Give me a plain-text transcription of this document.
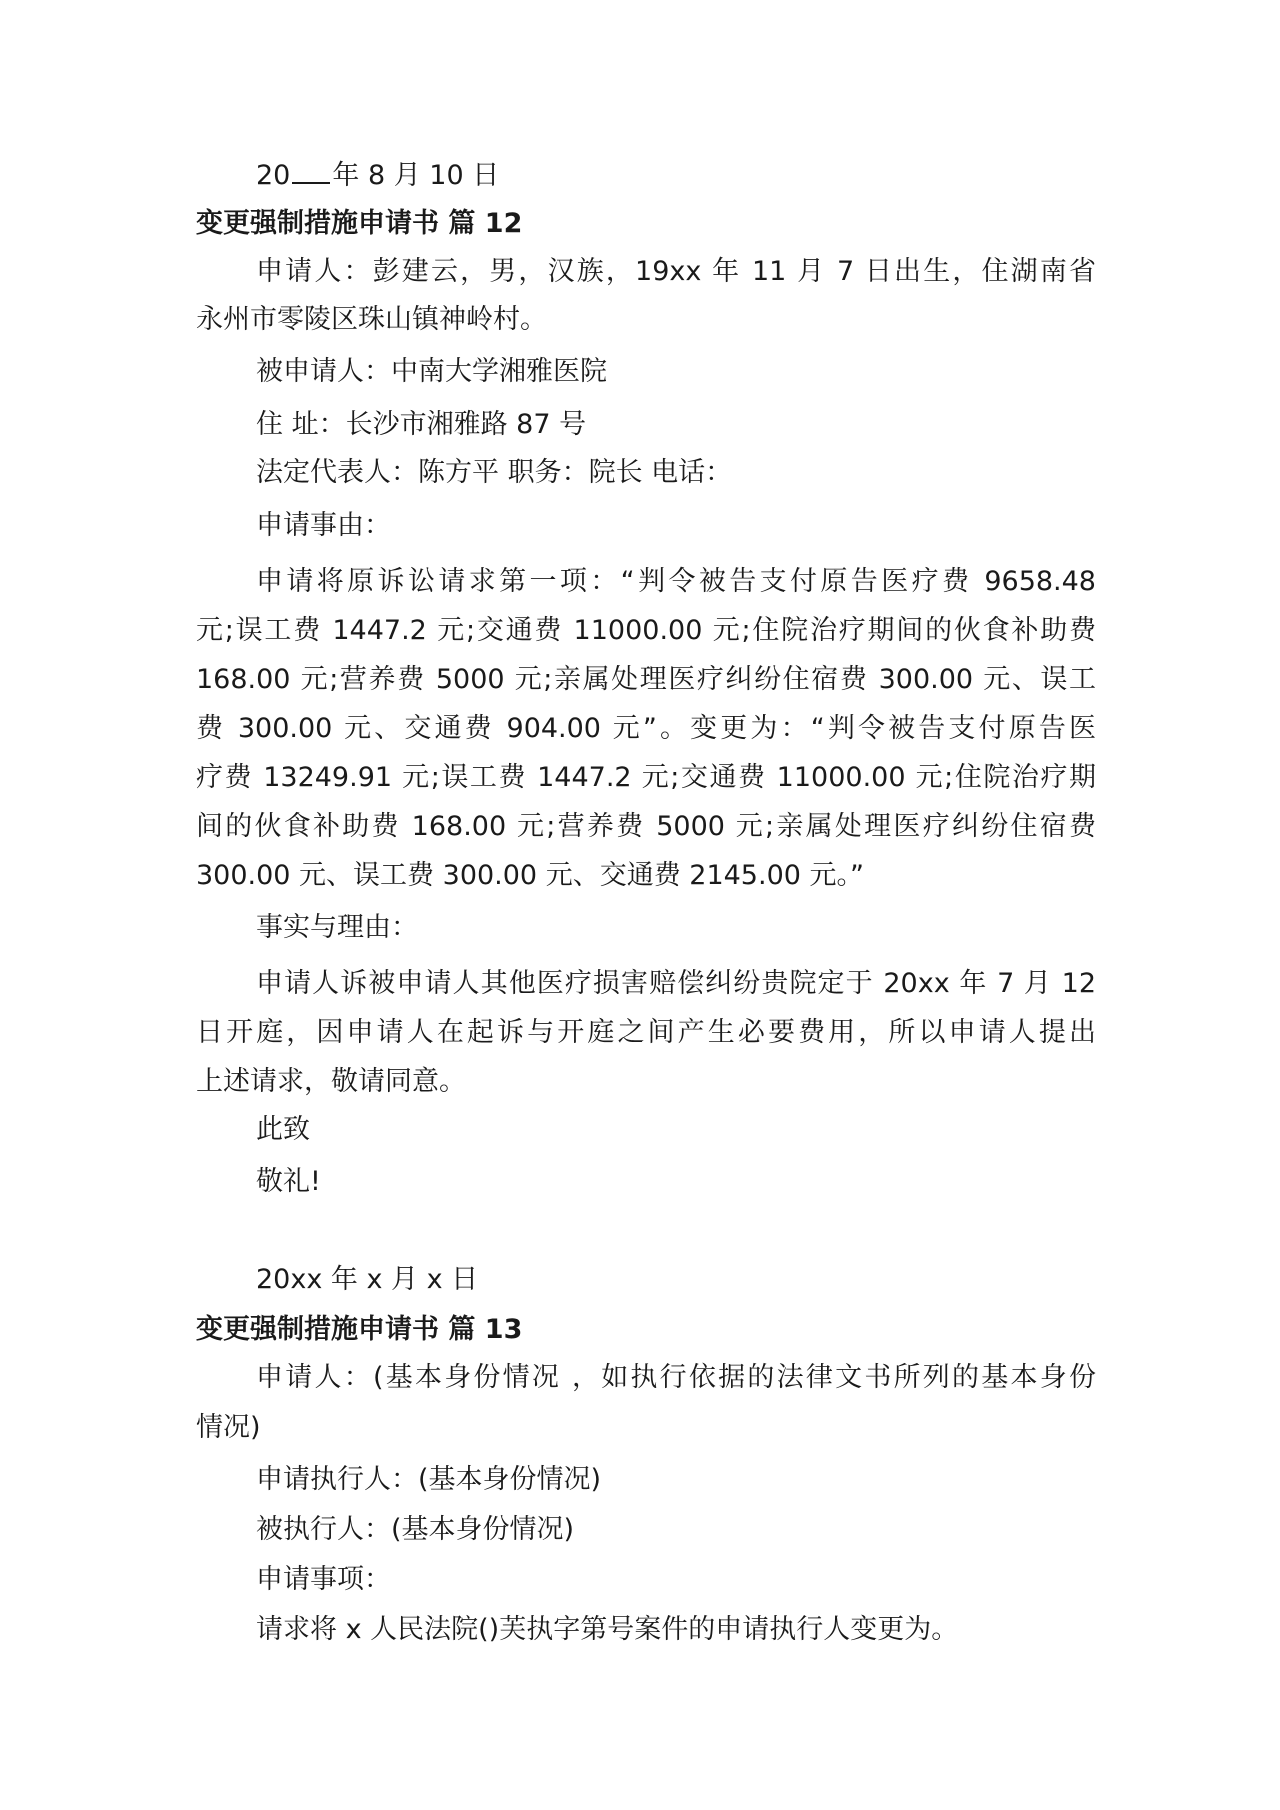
20 年 8 月 10 日
变更强制措施申请书 篇 12
申请人：彭建云，男，汉族，19xx 年 11 月 7 日出生，住湖南省
永州市零陵区珠山镇神岭村。
被申请人：中南大学湘雅医院
住 址：长沙市湘雅路 87 号
法定代表人：陈方平 职务：院长 电话：
申请事由：
申请将原诉讼请求第一项：“判令被告支付原告医疗费 9658.48
元;误工费 1447.2 元;交通费 11000.00 元;住院治疗期间的伙食补助费
168.00 元;营养费 5000 元;亲属处理医疗纠纷住宿费 300.00 元、误工
费 300.00 元、交通费 904.00 元”。变更为：“判令被告支付原告医
疗费 13249.91 元;误工费 1447.2 元;交通费 11000.00 元;住院治疗期
间的伙食补助费 168.00 元;营养费 5000 元;亲属处理医疗纠纷住宿费
300.00 元、误工费 300.00 元、交通费 2145.00 元。”
事实与理由：
申请人诉被申请人其他医疗损害赔偿纠纷贵院定于 20xx 年 7 月 12
日开庭，因申请人在起诉与开庭之间产生必要费用，所以申请人提出
上述请求，敬请同意。
此致
敬礼!
20xx 年 x 月 x 日
变更强制措施申请书 篇 13
申请人：(基本身份情况 ，如执行依据的法律文书所列的基本身份
情况)
申请执行人：(基本身份情况)
被执行人：(基本身份情况)
申请事项：
请求将 x 人民法院()芙执字第号案件的申请执行人变更为。
